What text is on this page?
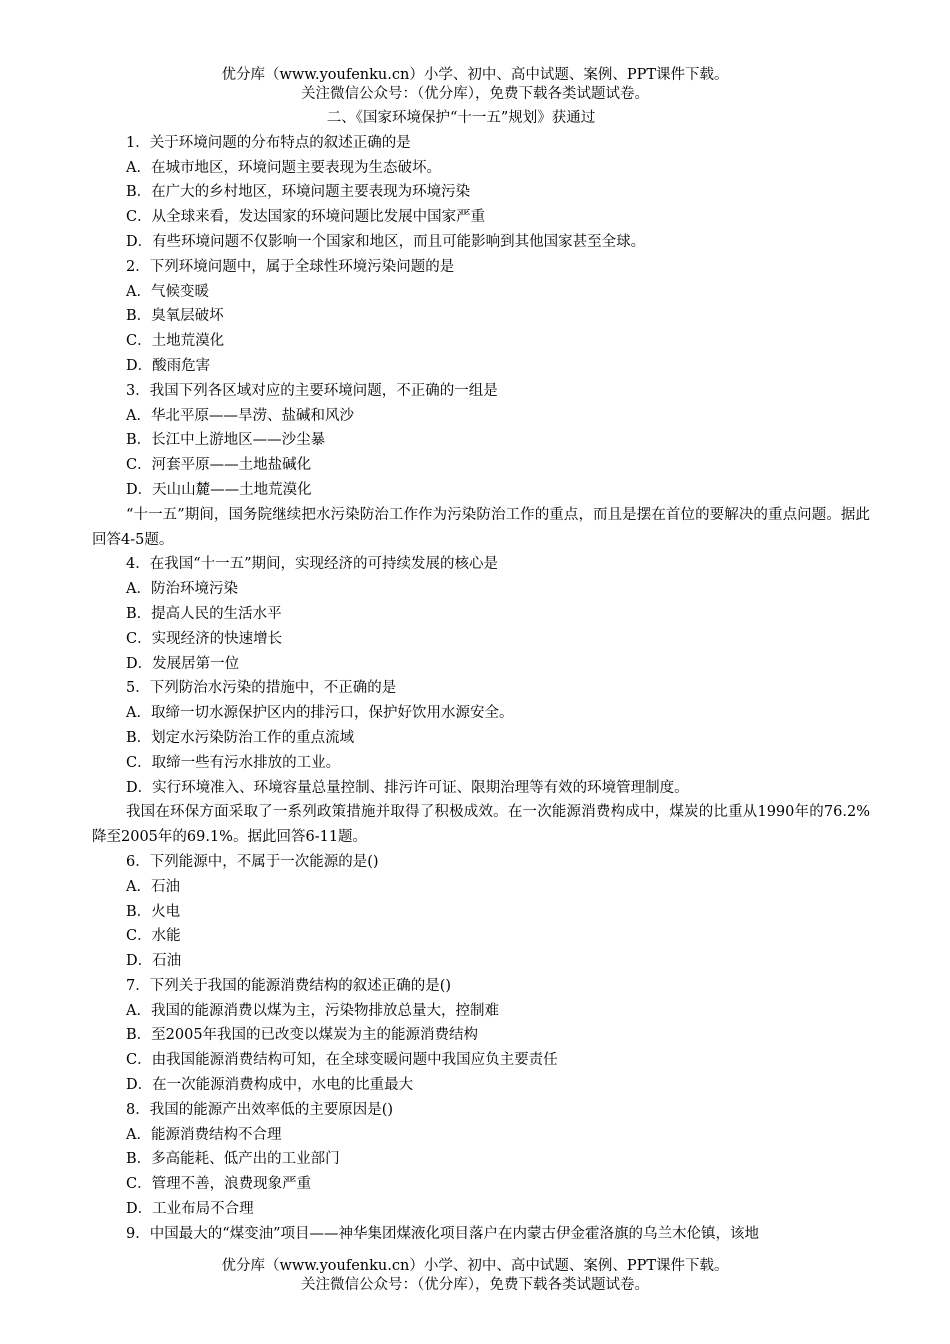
优分库（www.youfenku.cn）小学、初中、高中试题、案例、PPT课件下载。
关注微信公众号：（优分库），免费下载各类试题试卷。
二、《国家环境保护“十一五”规划》获通过
1．关于环境问题的分布特点的叙述正确的是
A．在城市地区，环境问题主要表现为生态破坏。
B．在广大的乡村地区，环境问题主要表现为环境污染
C．从全球来看，发达国家的环境问题比发展中国家严重
D．有些环境问题不仅影响一个国家和地区，而且可能影响到其他国家甚至全球。
2．下列环境问题中，属于全球性环境污染问题的是
A．气候变暖
B．臭氧层破坏
C．土地荒漠化
D．酸雨危害
3．我国下列各区域对应的主要环境问题，不正确的一组是
A．华北平原——旱涝、盐碱和风沙
B．长江中上游地区——沙尘暴
C．河套平原——土地盐碱化
D．天山山麓——土地荒漠化
“十一五”期间，国务院继续把水污染防治工作作为污染防治工作的重点，而且是摆在首位的要解决的重点问题。据此回答4-5题。
4．在我国“十一五”期间，实现经济的可持续发展的核心是
A．防治环境污染
B．提高人民的生活水平
C．实现经济的快速增长
D．发展居第一位
5．下列防治水污染的措施中，不正确的是
A．取缔一切水源保护区内的排污口，保护好饮用水源安全。
B．划定水污染防治工作的重点流域
C．取缔一些有污水排放的工业。
D．实行环境准入、环境容量总量控制、排污许可证、限期治理等有效的环境管理制度。
我国在环保方面采取了一系列政策措施并取得了积极成效。在一次能源消费构成中，煤炭的比重从1990年的76.2%降至2005年的69.1%。据此回答6-11题。
6．下列能源中，不属于一次能源的是()
A．石油
B．火电
C．水能
D．石油
7．下列关于我国的能源消费结构的叙述正确的是()
A．我国的能源消费以煤为主，污染物排放总量大，控制难
B．至2005年我国的已改变以煤炭为主的能源消费结构
C．由我国能源消费结构可知，在全球变暖问题中我国应负主要责任
D．在一次能源消费构成中，水电的比重最大
8．我国的能源产出效率低的主要原因是()
A．能源消费结构不合理
B．多高能耗、低产出的工业部门
C．管理不善，浪费现象严重
D．工业布局不合理
9．中国最大的“煤变油”项目——神华集团煤液化项目落户在内蒙古伊金霍洛旗的乌兰木伦镇，该地
优分库（www.youfenku.cn）小学、初中、高中试题、案例、PPT课件下载。
关注微信公众号：（优分库），免费下载各类试题试卷。
